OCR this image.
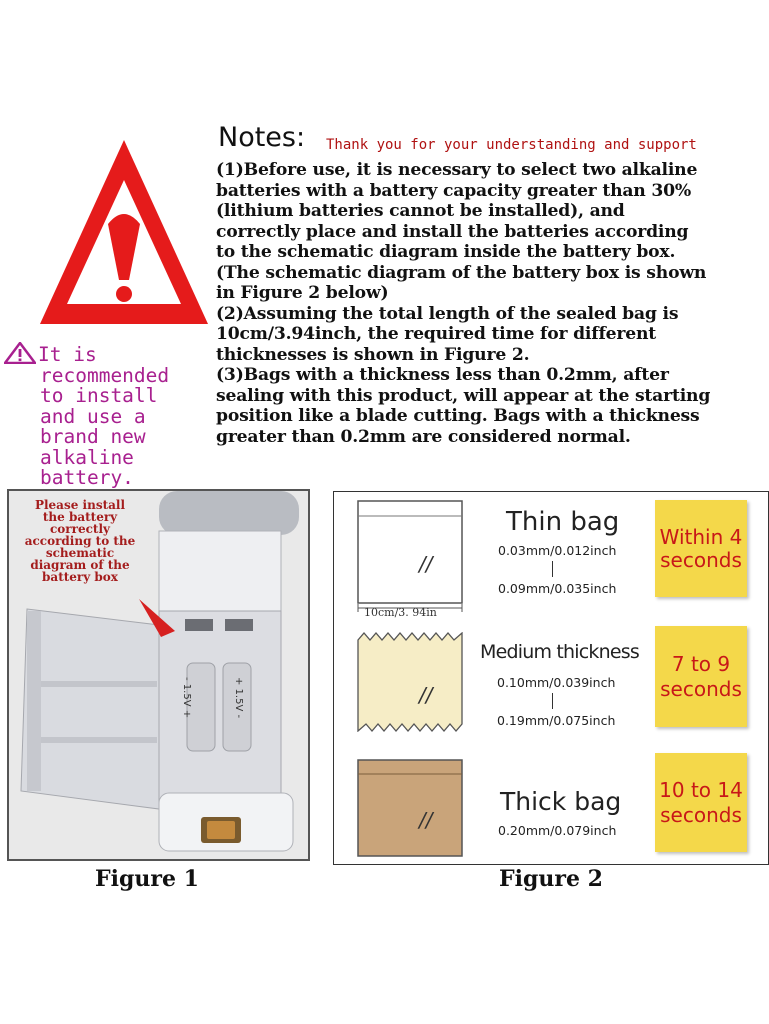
It is
recommended
to install
and use a
brand new
alkaline
battery.
Notes: Thank you for your understanding and support

(1)Before use, it is necessary to select two alkaline

batteries with a battery capacity greater than 30%

(lithium batteries cannot be installed), and

correctly place and install the batteries according

to the schematic diagram inside the battery box.

(The schematic diagram of the battery box is shown

in Figure 2 below)

(2)Assuming the total length of the sealed bag is

10cm/3.94inch, the required time for different

thicknesses is shown in Figure 2.

(3)Bags with a thickness less than 0.2mm, after

sealing with this product, will appear at the starting

position like a blade cutting. Bags with a thickness

greater than 0.2mm are considered normal.

- 1.5V +	+ 1.5V -
Please install
the battery
correctly
according to the
schematic
diagram of the
battery box
//
10cm/3. 94in
Thin bag
0.03mm/0.012inch
0.09mm/0.035inch
Within 4
seconds
//
Medium thickness
0.10mm/0.039inch
0.19mm/0.075inch
7 to 9
seconds
//
Thick bag
0.20mm/0.079inch
10 to 14
seconds
Figure 1	Figure 2
